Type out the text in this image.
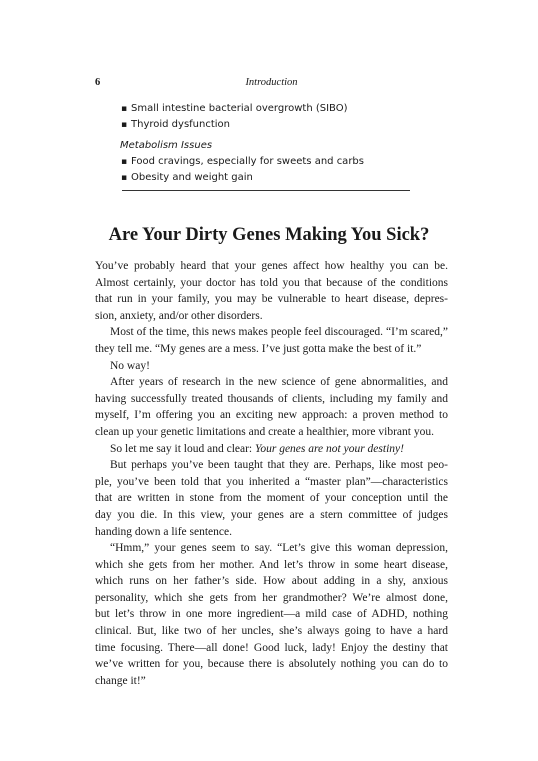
6	Introduction
▪ Small intestine bacterial overgrowth (SIBO)
▪ Thyroid dysfunction
Metabolism Issues
▪ Food cravings, especially for sweets and carbs
▪ Obesity and weight gain
Are Your Dirty Genes Making You Sick?
You’ve probably heard that your genes affect how healthy you can be.
Almost certainly, your doctor has told you that because of the conditions
that run in your family, you may be vulnerable to heart disease, depres-
sion, anxiety, and/or other disorders.
Most of the time, this news makes people feel discouraged. “I’m scared,”
they tell me. “My genes are a mess. I’ve just gotta make the best of it.”
No way!
After years of research in the new science of gene abnormalities, and
having successfully treated thousands of clients, including my family and
myself, I’m offering you an exciting new approach: a proven method to
clean up your genetic limitations and create a healthier, more vibrant you.
So let me say it loud and clear: Your genes are not your destiny!
But perhaps you’ve been taught that they are. Perhaps, like most peo-
ple, you’ve been told that you inherited a “master plan”—characteristics
that are written in stone from the moment of your conception until the
day you die. In this view, your genes are a stern committee of judges
handing down a life sentence.
“Hmm,” your genes seem to say. “Let’s give this woman depression,
which she gets from her mother. And let’s throw in some heart disease,
which runs on her father’s side. How about adding in a shy, anxious
personality, which she gets from her grandmother? We’re almost done,
but let’s throw in one more ingredient—a mild case of ADHD, nothing
clinical. But, like two of her uncles, she’s always going to have a hard
time focusing. There—all done! Good luck, lady! Enjoy the destiny that
we’ve written for you, because there is absolutely nothing you can do to
change it!”
